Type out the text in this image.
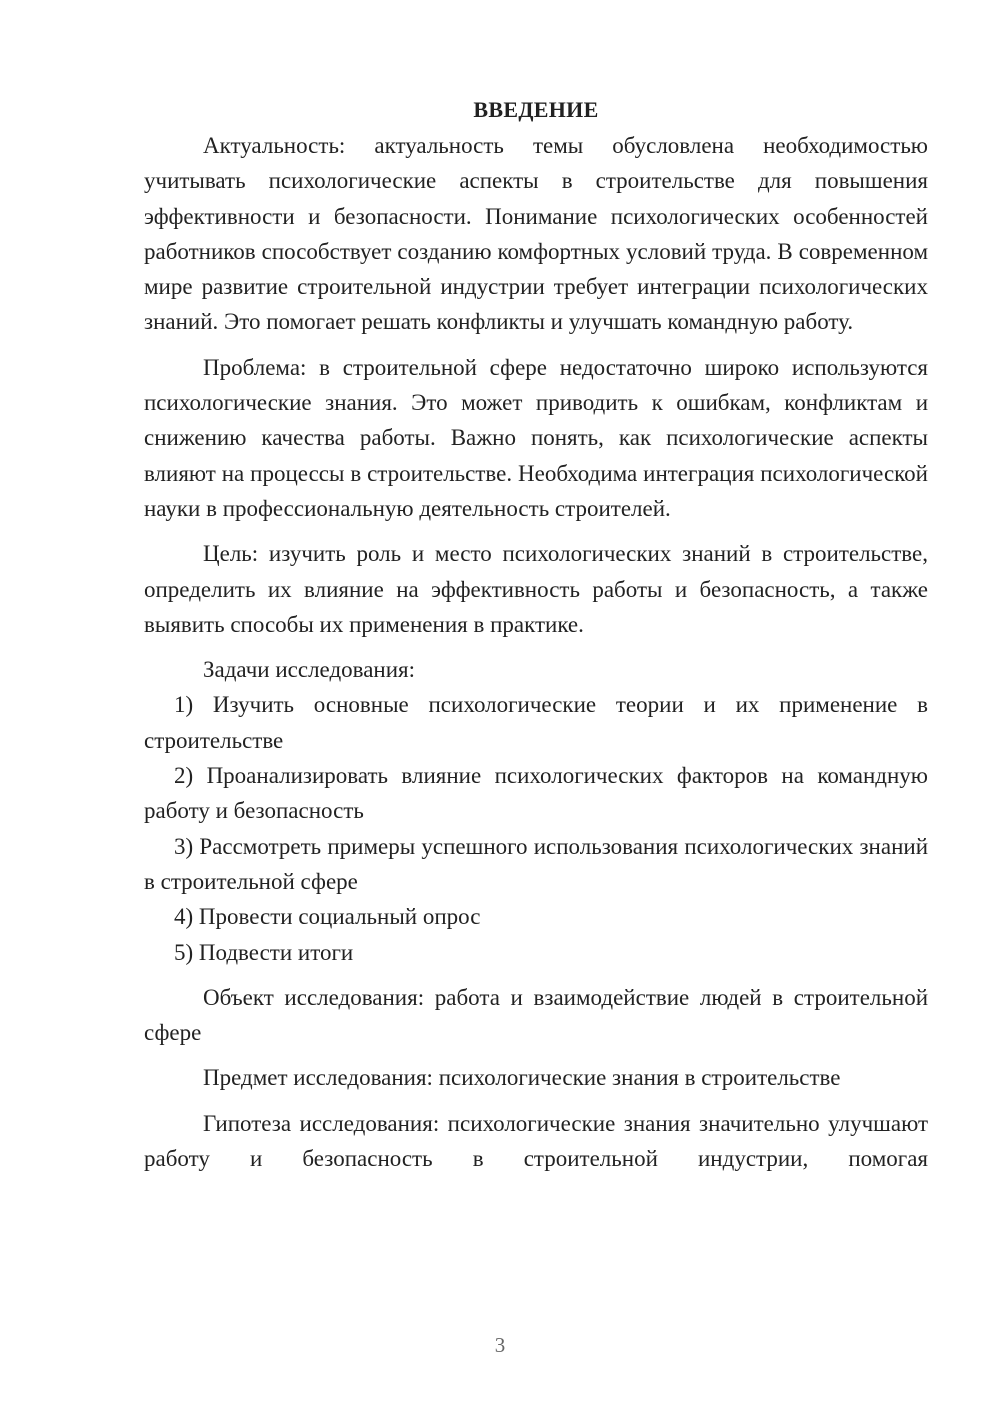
ВВЕДЕНИЕ

Актуальность: актуальность темы обусловлена необходимостью учитывать психологические аспекты в строительстве для повышения эффективности и безопасности. Понимание психологических особенностей работников способствует созданию комфортных условий труда. В современном мире развитие строительной индустрии требует интеграции психологических знаний. Это помогает решать конфликты и улучшать командную работу.

Проблема: в строительной сфере недостаточно широко используются психологические знания. Это может приводить к ошибкам, конфликтам и снижению качества работы. Важно понять, как психологические аспекты влияют на процессы в строительстве. Необходима интеграция психологической науки в профессиональную деятельность строителей.

Цель: изучить роль и место психологических знаний в строительстве, определить их влияние на эффективность работы и безопасность, а также выявить способы их применения в практике.

Задачи исследования:

1) Изучить основные психологические теории и их применение в строительстве

2) Проанализировать влияние психологических факторов на командную работу и безопасность

3) Рассмотреть примеры успешного использования психологических знаний в строительной сфере

4) Провести социальный опрос

5) Подвести итоги

Объект исследования: работа и взаимодействие людей в строительной сфере

Предмет исследования: психологические знания в строительстве

Гипотеза исследования: психологические знания значительно улучшают работу и безопасность в строительной индустрии, помогая

3
